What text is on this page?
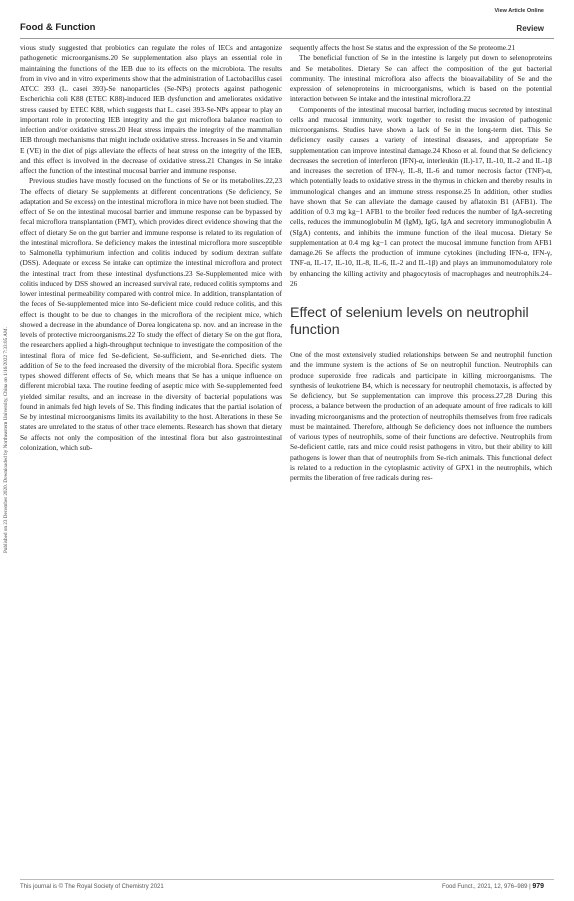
View Article Online
Food & Function	Review
Published on 23 December 2020. Downloaded by Northeastern University, China on 1/16/2022 7:33:05 AM.

vious study suggested that probiotics can regulate the roles of IECs and antagonize pathogenetic microorganisms.20 Se supplementation also plays an essential role in maintaining the functions of the IEB due to its effects on the microbiota. The results from in vivo and in vitro experiments show that the administration of Lactobacillus casei ATCC 393 (L. casei 393)-Se nanoparticles (Se-NPs) protects against pathogenic Escherichia coli K88 (ETEC K88)-induced IEB dysfunction and ameliorates oxidative stress caused by ETEC K88, which suggests that L. casei 393-Se-NPs appear to play an important role in protecting IEB integrity and the gut microflora balance reaction to infection and/or oxidative stress.20 Heat stress impairs the integrity of the mammalian IEB through mechanisms that might include oxidative stress. Increases in Se and vitamin E (VE) in the diet of pigs alleviate the effects of heat stress on the integrity of the IEB, and this effect is involved in the decrease of oxidative stress.21 Changes in Se intake affect the function of the intestinal mucosal barrier and immune response.

Previous studies have mostly focused on the functions of Se or its metabolites.22,23 The effects of dietary Se supplements at different concentrations (Se deficiency, Se adaptation and Se excess) on the intestinal microflora in mice have not been studied. The effect of Se on the intestinal mucosal barrier and immune response can be bypassed by fecal microflora transplantation (FMT), which provides direct evidence showing that the effect of dietary Se on the gut barrier and immune response is related to its regulation of the intestinal microflora. Se deficiency makes the intestinal microflora more susceptible to Salmonella typhimurium infection and colitis induced by sodium dextran sulfate (DSS). Adequate or excess Se intake can optimize the intestinal microflora and protect the intestinal tract from these intestinal dysfunctions.23 Se-Supplemented mice with colitis induced by DSS showed an increased survival rate, reduced colitis symptoms and lower intestinal permeability compared with control mice. In addition, transplantation of the feces of Se-supplemented mice into Se-deficient mice could reduce colitis, and this effect is thought to be due to changes in the microflora of the recipient mice, which showed a decrease in the abundance of Dorea longicatena sp. nov. and an increase in the levels of protective microorganisms.22 To study the effect of dietary Se on the gut flora, the researchers applied a high-throughput technique to investigate the composition of the intestinal flora of mice fed Se-deficient, Se-sufficient, and Se-enriched diets. The addition of Se to the feed increased the diversity of the microbial flora. Specific system types showed different effects of Se, which means that Se has a unique influence on different microbial taxa. The routine feeding of aseptic mice with Se-supplemented feed yielded similar results, and an increase in the diversity of bacterial populations was found in animals fed high levels of Se. This finding indicates that the partial isolation of Se by intestinal microorganisms limits its availability to the host. Alterations in these Se states are unrelated to the status of other trace elements. Research has shown that dietary Se affects not only the composition of the intestinal flora but also gastrointestinal colonization, which sub-

sequently affects the host Se status and the expression of the Se proteome.21

The beneficial function of Se in the intestine is largely put down to selenoproteins and Se metabolites. Dietary Se can affect the composition of the gut bacterial community. The intestinal microflora also affects the bioavailability of Se and the expression of selenoproteins in microorganisms, which is based on the potential interaction between Se intake and the intestinal microflora.22

Components of the intestinal mucosal barrier, including mucus secreted by intestinal cells and mucosal immunity, work together to resist the invasion of pathogenic microorganisms. Studies have shown a lack of Se in the long-term diet. This Se deficiency easily causes a variety of intestinal diseases, and appropriate Se supplementation can improve intestinal damage.24 Khoso et al. found that Se deficiency decreases the secretion of interferon (IFN)-α, interleukin (IL)-17, IL-10, IL-2 and IL-1β and increases the secretion of IFN-γ, IL-8, IL-6 and tumor necrosis factor (TNF)-α, which potentially leads to oxidative stress in the thymus in chicken and thereby results in immunological changes and an immune stress response.25 In addition, other studies have shown that Se can alleviate the damage caused by aflatoxin B1 (AFB1). The addition of 0.3 mg kg−1 AFB1 to the broiler feed reduces the number of IgA-secreting cells, reduces the immunoglobulin M (IgM), IgG, IgA and secretory immunoglobulin A (SIgA) contents, and inhibits the immune function of the ileal mucosa. Dietary Se supplementation at 0.4 mg kg−1 can protect the mucosal immune function from AFB1 damage.26 Se affects the production of immune cytokines (including IFN-α, IFN-γ, TNF-α, IL-17, IL-10, IL-8, IL-6, IL-2 and IL-1β) and plays an immunomodulatory role by enhancing the killing activity and phagocytosis of macrophages and neutrophils.24–26

Effect of selenium levels on neutrophil function

One of the most extensively studied relationships between Se and neutrophil function and the immune system is the actions of Se on neutrophil function. Neutrophils can produce superoxide free radicals and participate in killing microorganisms. The synthesis of leukotriene B4, which is necessary for neutrophil chemotaxis, is affected by Se deficiency, but Se supplementation can improve this process.27,28 During this process, a balance between the production of an adequate amount of free radicals to kill invading microorganisms and the protection of neutrophils themselves from free radicals must be maintained. Therefore, although Se deficiency does not influence the numbers of various types of neutrophils, some of their functions are defective. Neutrophils from Se-deficient cattle, rats and mice could resist pathogens in vitro, but their ability to kill pathogens is lower than that of neutrophils from Se-rich animals. This functional defect is related to a reduction in the cytoplasmic activity of GPX1 in the neutrophils, which permits the liberation of free radicals during res-

This journal is © The Royal Society of Chemistry 2021	Food Funct., 2021, 12, 976–989 | 979
